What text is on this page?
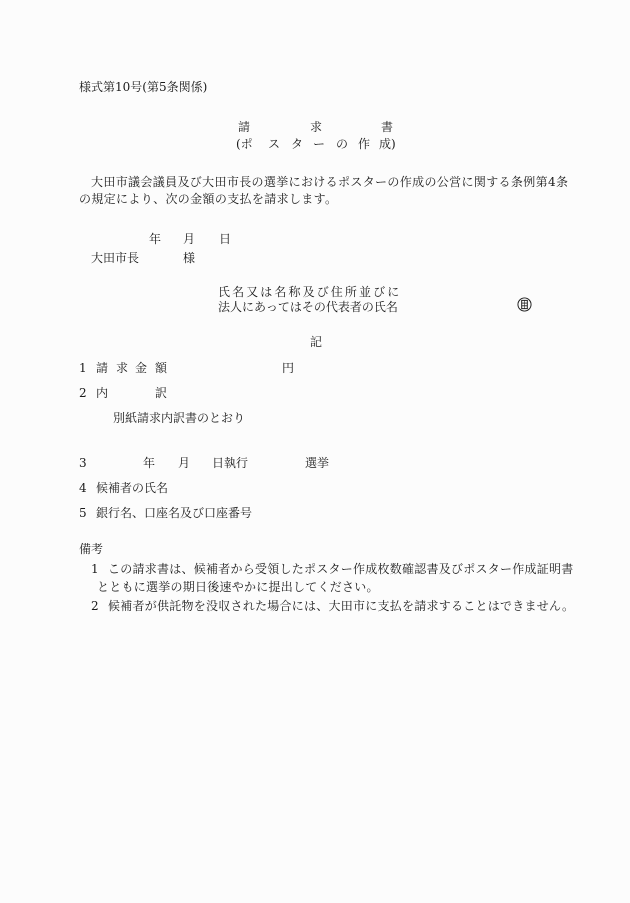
様式第10号(第5条関係)
請	求	書
(ポ ス タ ー の 作 成)
大田市議会議員及び大田市長の選挙におけるポスターの作成の公営に関する条例第4条
の規定により、次の金額の支払を請求します。
年 月 日
大田市長	様
氏名又は名称及び住所並びに
法人にあってはその代表者の氏名
記
1 請 求 金 額	円
2 内	訳
別紙請求内訳書のとおり
3	年 月 日執行	選挙
4 候補者の氏名
5 銀行名、口座名及び口座番号
備考
1 この請求書は、候補者から受領したポスター作成枚数確認書及びポスター作成証明書
とともに選挙の期日後速やかに提出してください。
2 候補者が供託物を没収された場合には、大田市に支払を請求することはできません。
